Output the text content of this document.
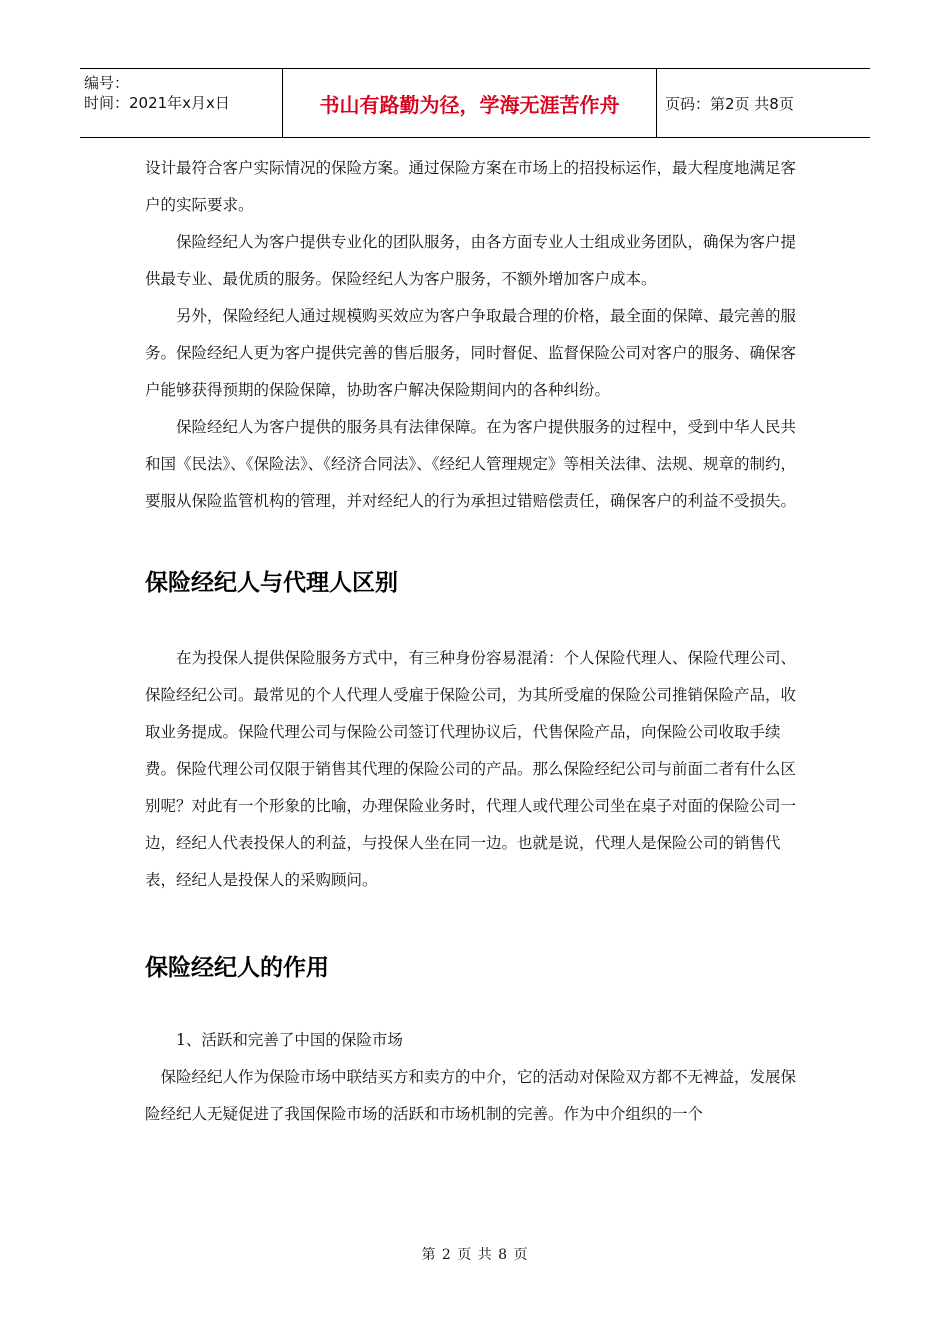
编号：
时间：2021年x月x日	书山有路勤为径，学海无涯苦作舟	页码：第2页 共8页

设计最符合客户实际情况的保险方案。通过保险方案在市场上的招投标运作，最大程度地满足客户的实际要求。

保险经纪人为客户提供专业化的团队服务，由各方面专业人士组成业务团队，确保为客户提供最专业、最优质的服务。保险经纪人为客户服务，不额外增加客户成本。

另外，保险经纪人通过规模购买效应为客户争取最合理的价格，最全面的保障、最完善的服务。保险经纪人更为客户提供完善的售后服务，同时督促、监督保险公司对客户的服务、确保客户能够获得预期的保险保障，协助客户解决保险期间内的各种纠纷。

保险经纪人为客户提供的服务具有法律保障。在为客户提供服务的过程中，受到中华人民共和国《民法》、《保险法》、《经济合同法》、《经纪人管理规定》等相关法律、法规、规章的制约，要服从保险监管机构的管理，并对经纪人的行为承担过错赔偿责任，确保客户的利益不受损失。

保险经纪人与代理人区别

在为投保人提供保险服务方式中，有三种身份容易混淆：个人保险代理人、保险代理公司、保险经纪公司。最常见的个人代理人受雇于保险公司，为其所受雇的保险公司推销保险产品，收取业务提成。保险代理公司与保险公司签订代理协议后，代售保险产品，向保险公司收取手续费。保险代理公司仅限于销售其代理的保险公司的产品。那么保险经纪公司与前面二者有什么区别呢？对此有一个形象的比喻，办理保险业务时，代理人或代理公司坐在桌子对面的保险公司一边，经纪人代表投保人的利益，与投保人坐在同一边。也就是说，代理人是保险公司的销售代表，经纪人是投保人的采购顾问。

保险经纪人的作用

1、活跃和完善了中国的保险市场

保险经纪人作为保险市场中联结买方和卖方的中介，它的活动对保险双方都不无裨益，发展保险经纪人无疑促进了我国保险市场的活跃和市场机制的完善。作为中介组织的一个

第 2 页 共 8 页
